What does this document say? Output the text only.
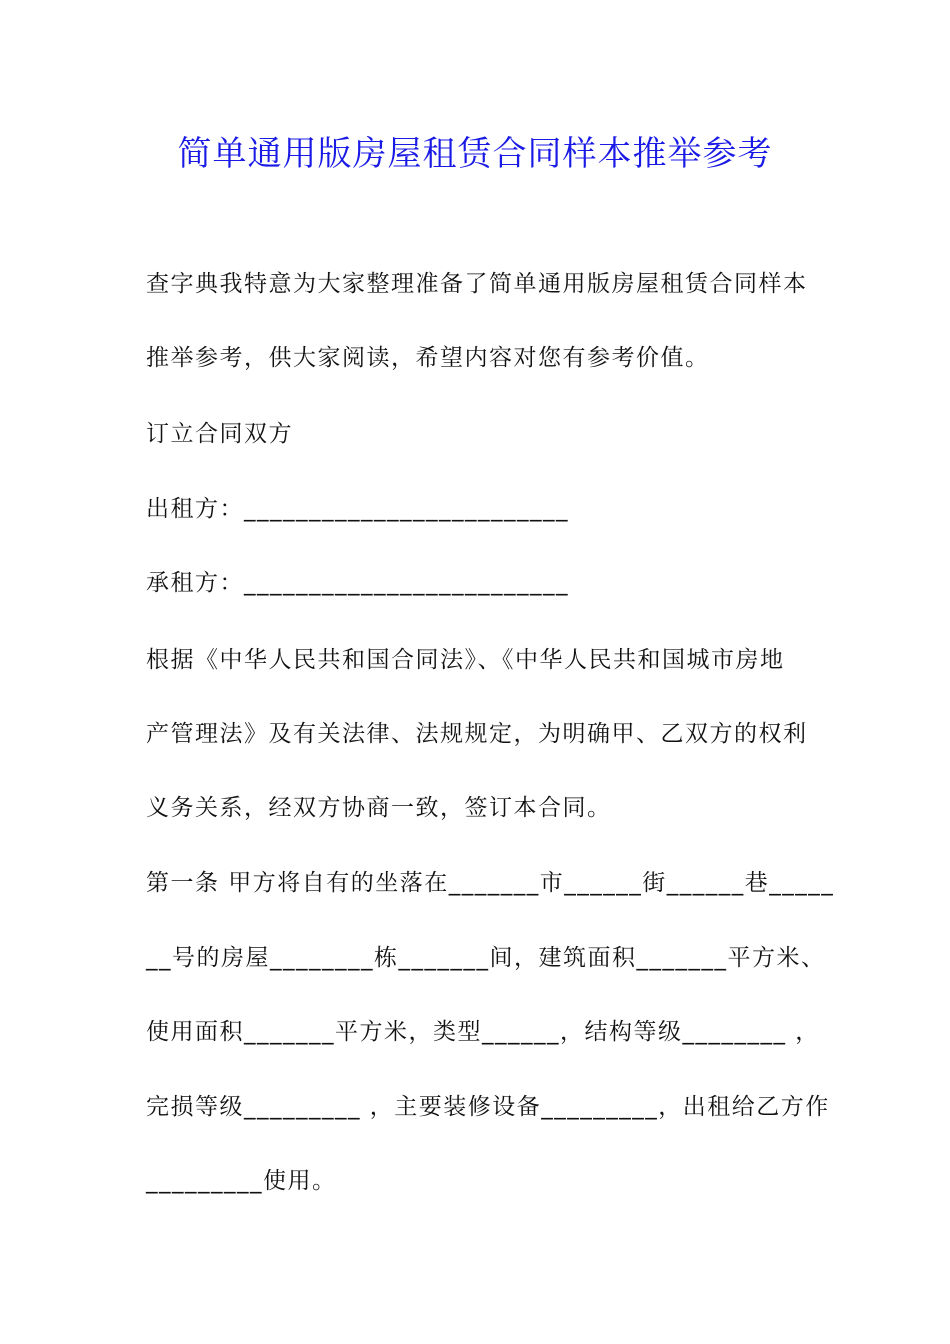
简单通用版房屋租赁合同样本推举参考
查字典我特意为大家整理准备了简单通用版房屋租赁合同样本
推举参考，供大家阅读，希望内容对您有参考价值。
订立合同双方
出租方：_________________________
承租方：_________________________
根据《中华人民共和国合同法》、《中华人民共和国城市房地
产管理法》及有关法律、法规规定，为明确甲、乙双方的权利
义务关系，经双方协商一致，签订本合同。
第一条 甲方将自有的坐落在_______市______街______巷_____
__号的房屋________栋_______间，建筑面积_______平方米、
使用面积_______平方米，类型______，结构等级________ ，
完损等级_________ ，主要装修设备_________，出租给乙方作
_________使用。
